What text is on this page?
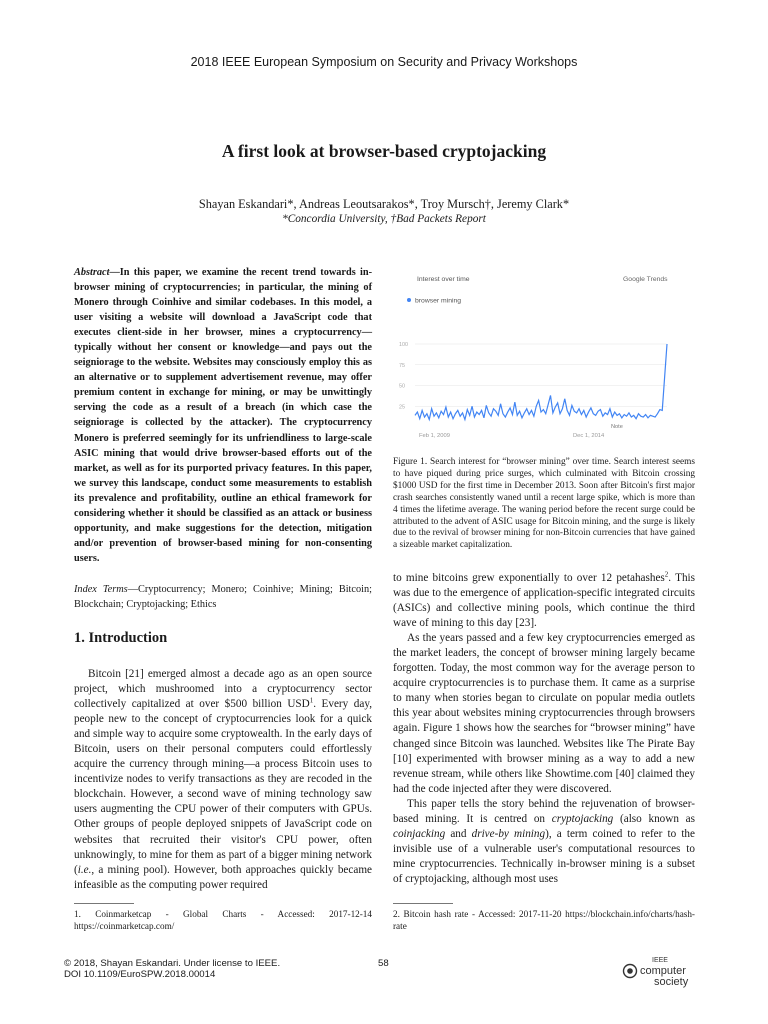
2018 IEEE European Symposium on Security and Privacy Workshops
A first look at browser-based cryptojacking
Shayan Eskandari*, Andreas Leoutsarakos*, Troy Mursch†, Jeremy Clark*
*Concordia University, †Bad Packets Report
Abstract—In this paper, we examine the recent trend towards in-browser mining of cryptocurrencies; in particular, the mining of Monero through Coinhive and similar codebases. In this model, a user visiting a website will download a JavaScript code that executes client-side in her browser, mines a cryptocurrency—typically without her consent or knowledge—and pays out the seigniorage to the website. Websites may consciously employ this as an alternative or to supplement advertisement revenue, may offer premium content in exchange for mining, or may be unwittingly serving the code as a result of a breach (in which case the seigniorage is collected by the attacker). The cryptocurrency Monero is preferred seemingly for its unfriendliness to large-scale ASIC mining that would drive browser-based efforts out of the market, as well as for its purported privacy features. In this paper, we survey this landscape, conduct some measurements to establish its prevalence and profitability, outline an ethical framework for considering whether it should be classified as an attack or business opportunity, and make suggestions for the detection, mitigation and/or prevention of browser-based mining for non-consenting users.
Index Terms—Cryptocurrency; Monero; Coinhive; Mining; Bitcoin; Blockchain; Cryptojacking; Ethics
1. Introduction
Bitcoin [21] emerged almost a decade ago as an open source project, which mushroomed into a cryptocurrency sector collectively capitalized at over $500 billion USD$^1$. Every day, people new to the concept of cryptocurrencies look for a quick and simple way to acquire some cryptowealth. In the early days of Bitcoin, users on their personal computers could effortlessly acquire the currency through mining—a process Bitcoin uses to incentivize nodes to verify transactions as they are recoded in the blockchain. However, a second wave of mining technology saw users augmenting the CPU power of their computers with GPUs. Other groups of people deployed snippets of JavaScript code on websites that recruited their visitor's CPU power, often unknowingly, to mine for them as part of a bigger mining network (i.e., a mining pool). However, both approaches quickly became infeasible as the computing power required
1. Coinmarketcap - Global Charts - Accessed: 2017-12-14 https://coinmarketcap.com/
Interest over time	Google Trends
browser mining
25
50
75
100
Feb 1, 2009	Dec 1, 2014
Note
Figure 1. Search interest for “browser mining” over time. Search interest seems to have piqued during price surges, which culminated with Bitcoin crossing $1000 USD for the first time in December 2013. Soon after Bitcoin's first major crash searches consistently waned until a recent large spike, which is more than 4 times the lifetime average. The waning period before the recent surge could be attributed to the advent of ASIC usage for Bitcoin mining, and the surge is likely due to the revival of browser mining for non-Bitcoin currencies that have gained a sizeable market capitalization.
to mine bitcoins grew exponentially to over 12 petahashes$^2$. This was due to the emergence of application-specific integrated circuits (ASICs) and collective mining pools, which continue the third wave of mining to this day [23].
As the years passed and a few key cryptocurrencies emerged as the market leaders, the concept of browser mining largely became forgotten. Today, the most common way for the average person to acquire cryptocurrencies is to purchase them. It came as a surprise to many when stories began to circulate on popular media outlets this year about websites mining cryptocurrencies through browsers again. Figure 1 shows how the searches for “browser mining” have changed since Bitcoin was launched. Websites like The Pirate Bay [10] experimented with browser mining as a way to add a new revenue stream, while others like Showtime.com [40] claimed they had the code injected after they were discovered.
This paper tells the story behind the rejuvenation of browser-based mining. It is centred on cryptojacking (also known as coinjacking and drive-by mining), a term coined to refer to the invisible use of a vulnerable user's computational resources to mine cryptocurrencies. Technically in-browser mining is a subset of cryptojacking, although most uses
2. Bitcoin hash rate - Accessed: 2017-11-20 https://blockchain.info/charts/hash-rate
© 2018, Shayan Eskandari. Under license to IEEE.
DOI 10.1109/EuroSPW.2018.00014
58	IEEE
computer
society
